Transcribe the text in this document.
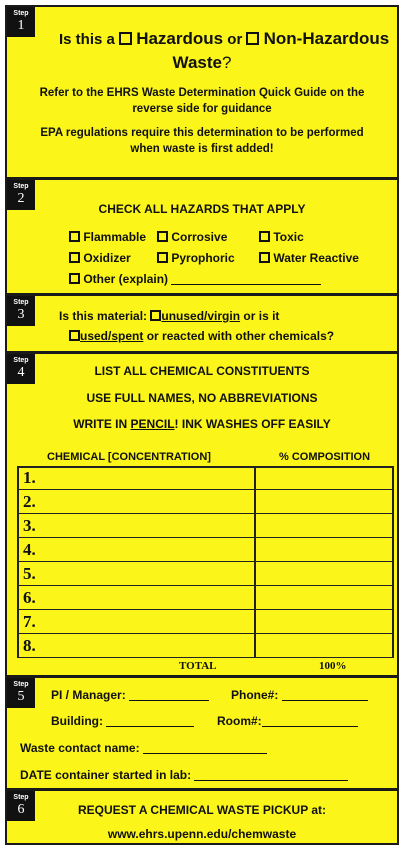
Step
1
Is this a Hazardous or Non-Hazardous
Waste?
Refer to the EHRS Waste Determination Quick Guide on the reverse side for guidance
EPA regulations require this determination to be performed when waste is first added!
Step
2
CHECK ALL HAZARDS THAT APPLY
Flammable	Corrosive	Toxic
Oxidizer	Pyrophoric	Water Reactive
Other (explain)
Step
3	Is this material: unused/virgin or is it
used/spent or reacted with other chemicals?
Step
4	LIST ALL CHEMICAL CONSTITUENTS
USE FULL NAMES, NO ABBREVIATIONS
WRITE IN PENCIL! INK WASHES OFF EASILY
CHEMICAL [CONCENTRATION]	% COMPOSITION
1.
2.
3.
4.
5.
6.
7.
8.
TOTAL	100%
Step
5	PI / Manager:	Phone#:
Building:	Room#:
Waste contact name:
DATE container started in lab:
Step
6	REQUEST A CHEMICAL WASTE PICKUP at:
www.ehrs.upenn.edu/chemwaste
